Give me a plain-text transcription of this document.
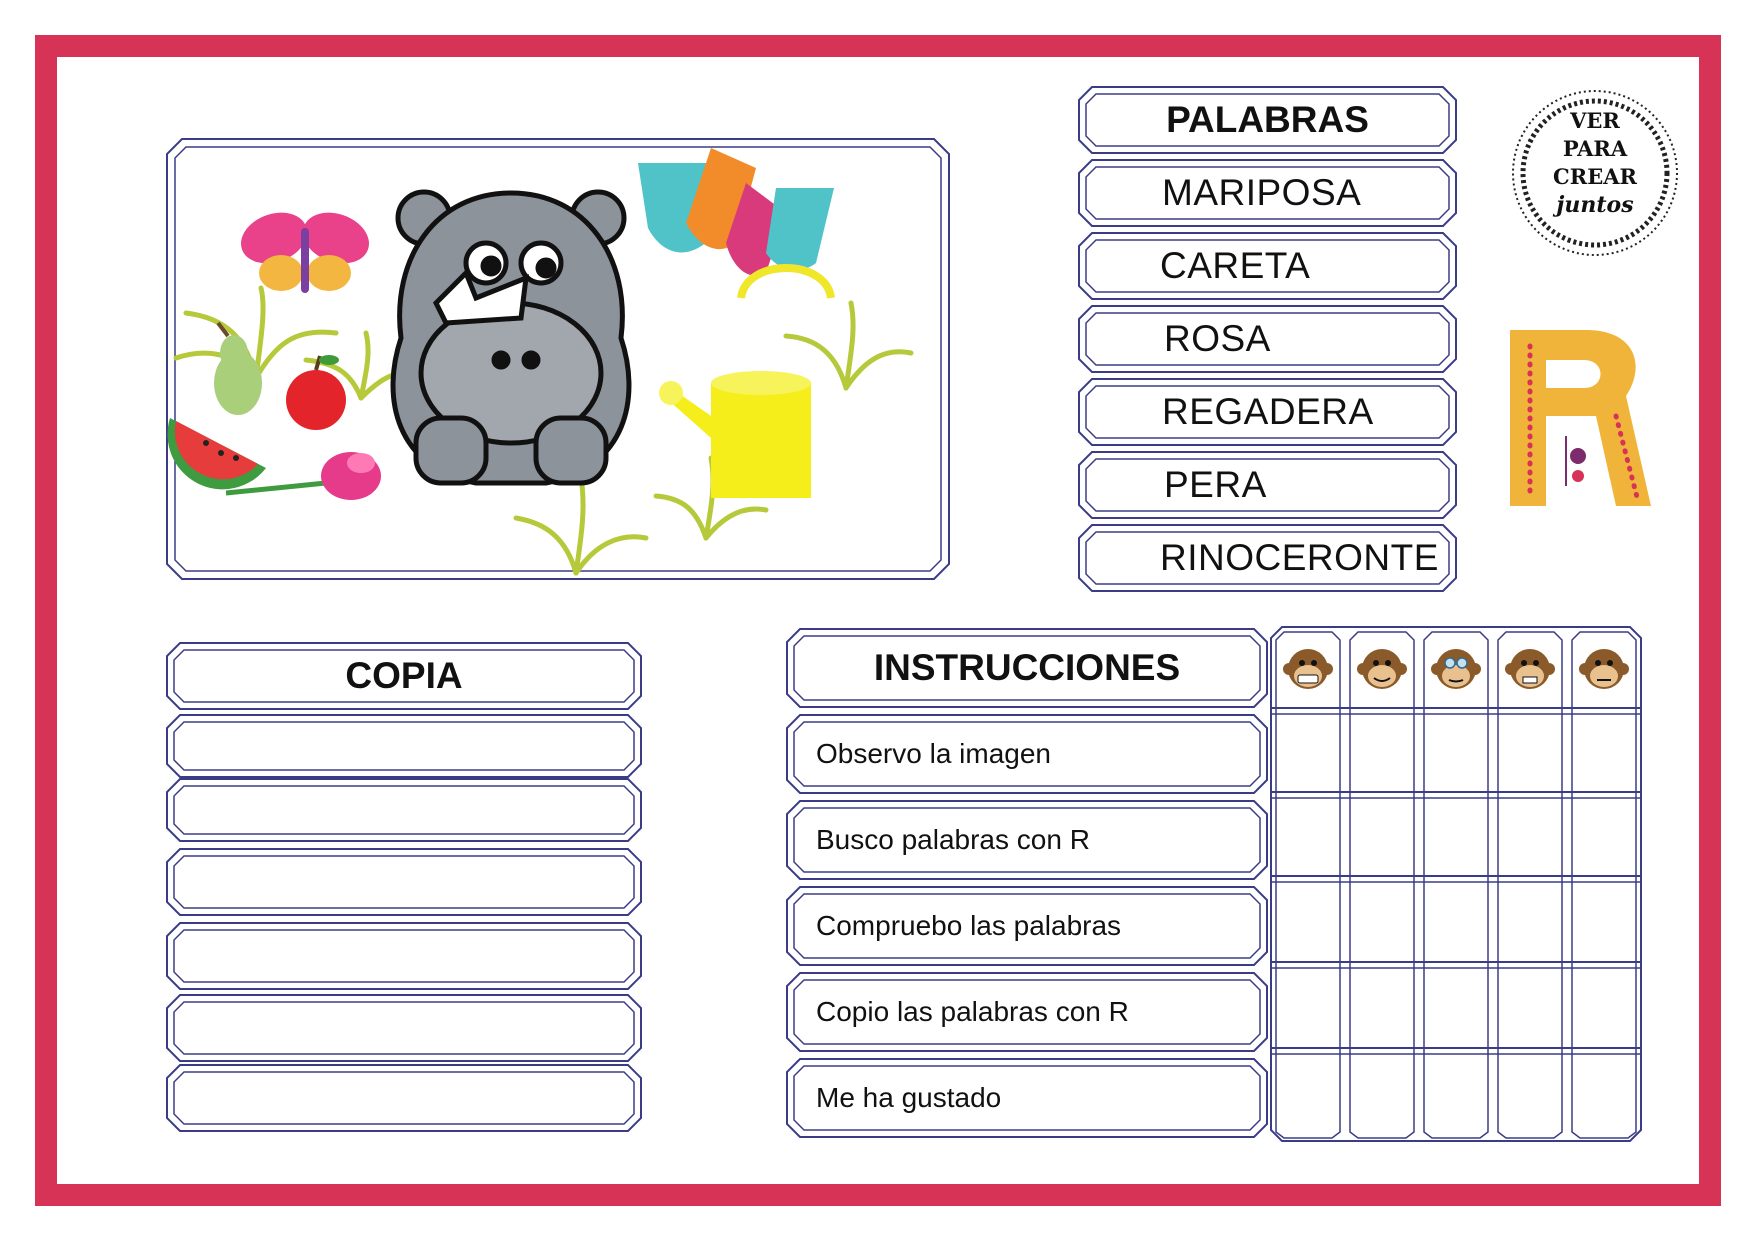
PALABRAS
MARIPOSA
CARETA
ROSA
REGADERA
PERA
RINOCERONTE
VER
PARA
CREAR
juntos
COPIA	INSTRUCCIONES
Observo la imagen
Busco palabras con R
Compruebo las palabras
Copio las palabras con R
Me ha gustado
